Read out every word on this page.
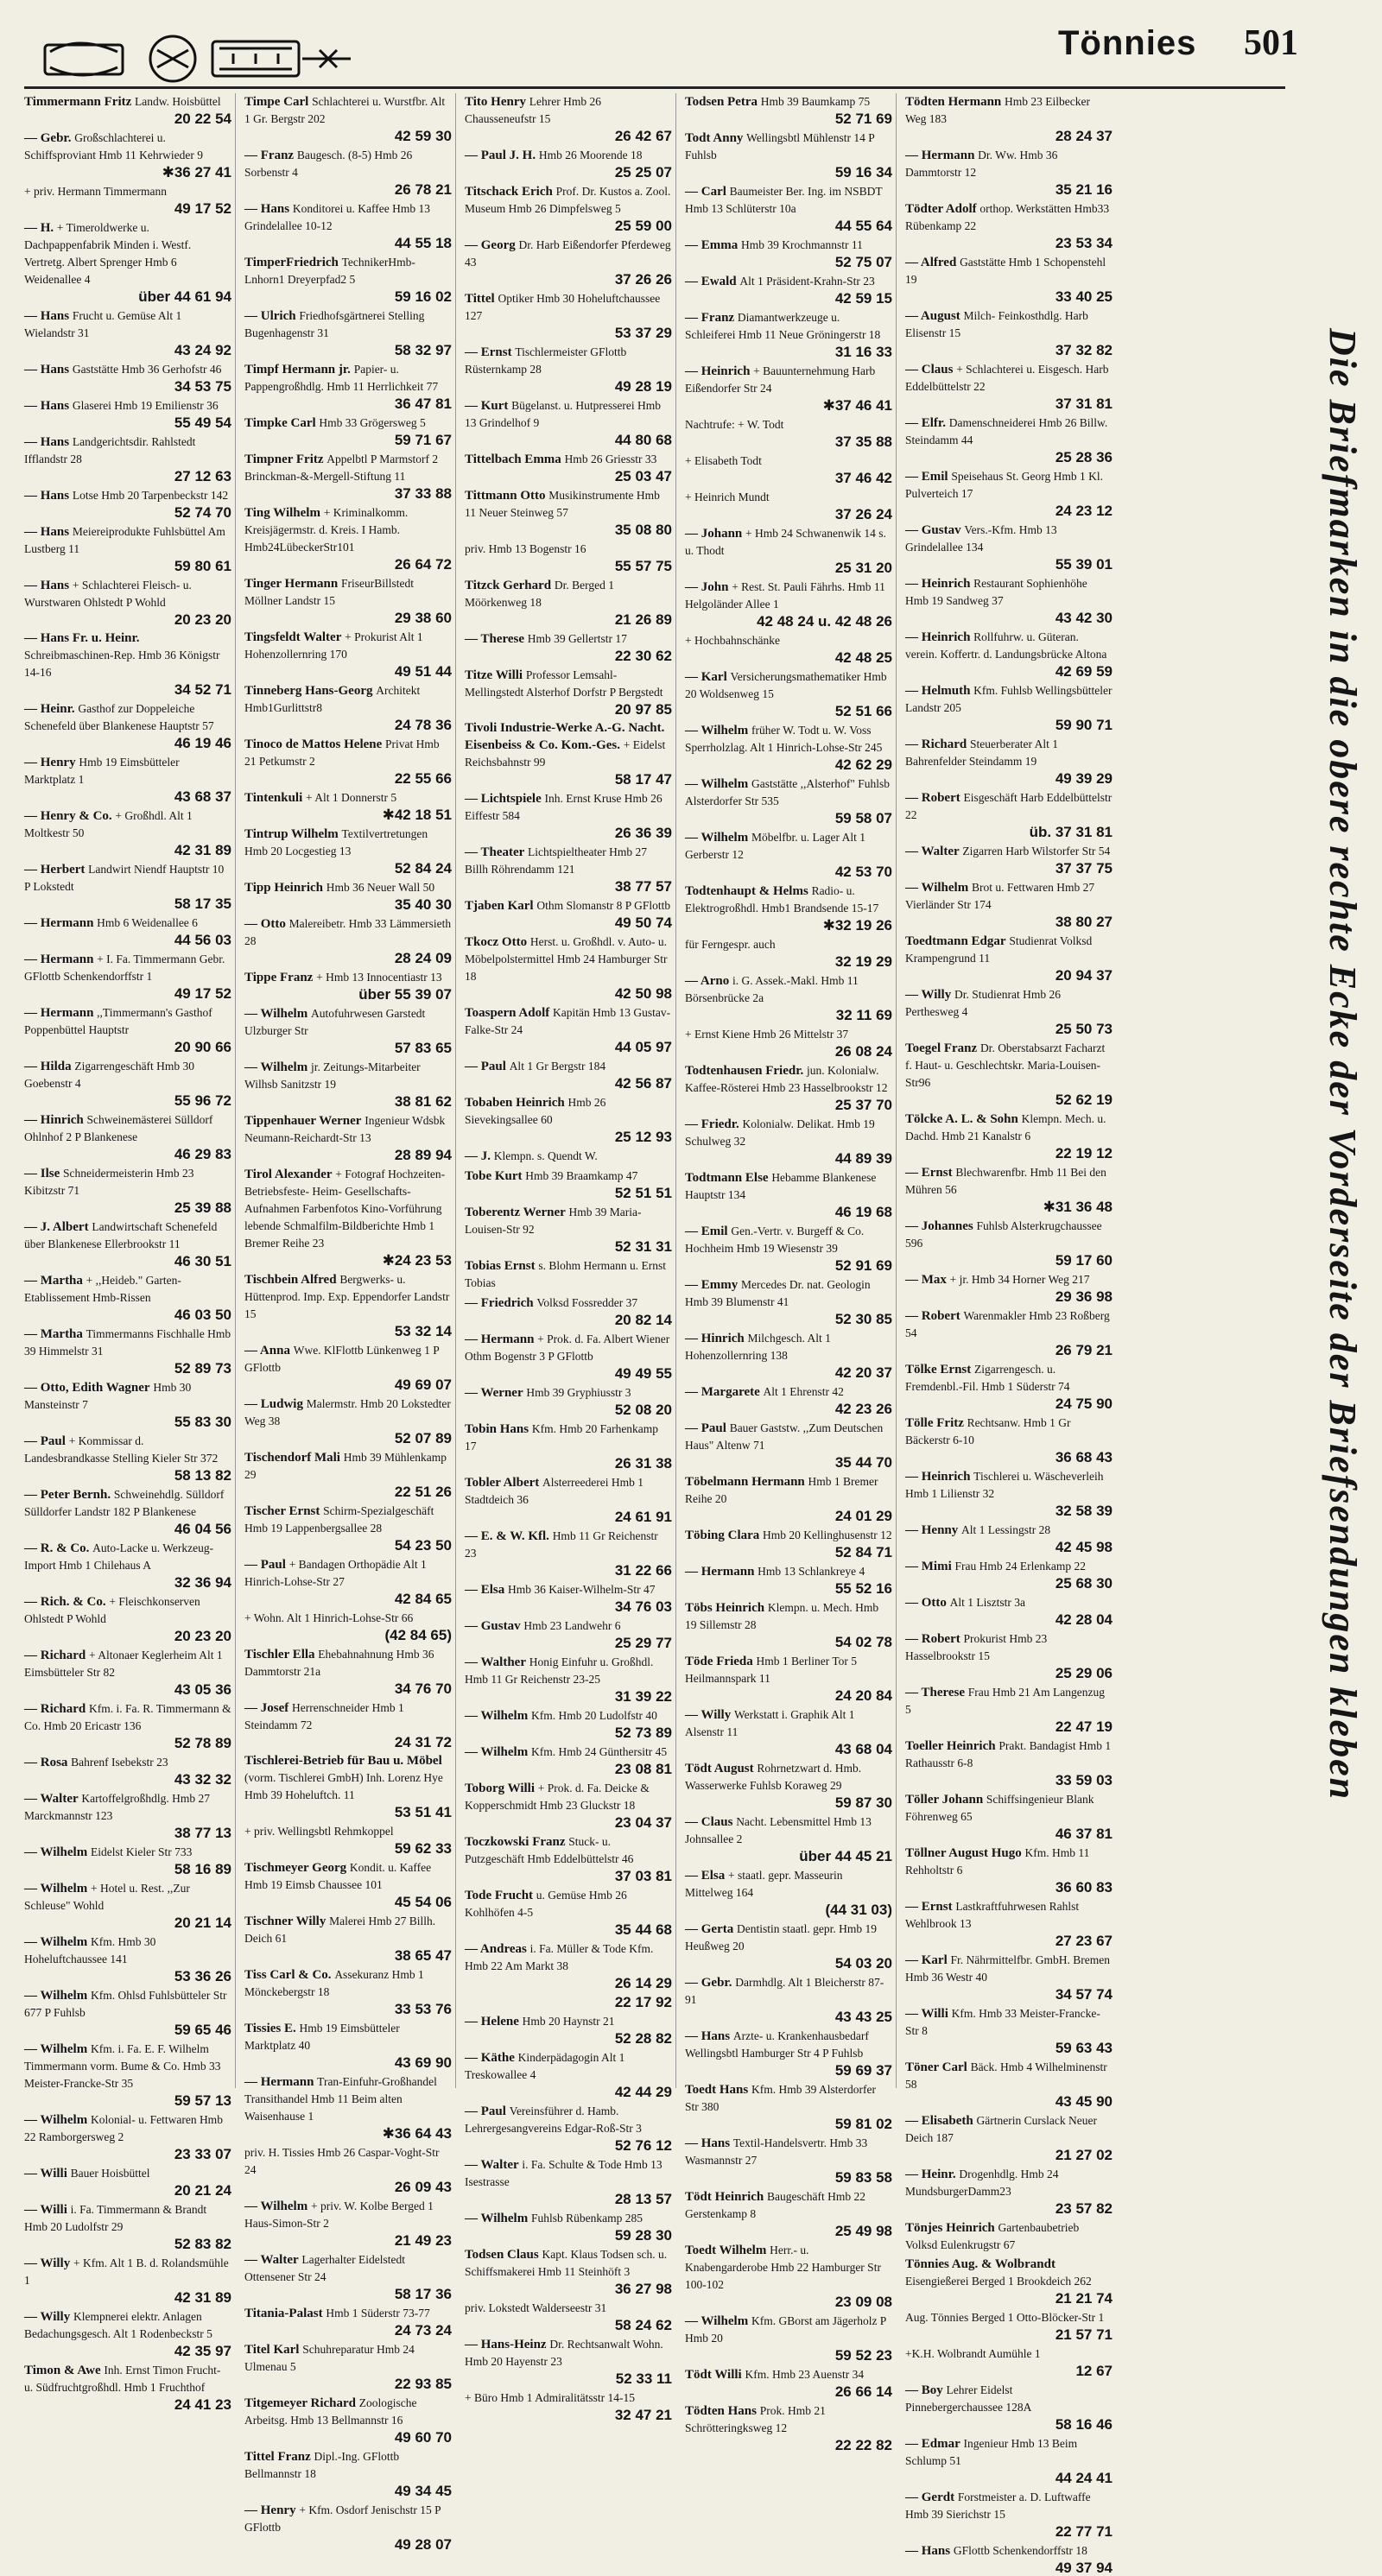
Tönnies 501
Timmermann Fritz Landw. Hoisbüttel
20 22 54
— Gebr. Großschlachterei u. Schiffsproviant Hmb 11 Kehrwieder 9
✱36 27 41
+ priv. Hermann Timmermann
49 17 52
— H. + Timeroldwerke u. Dachpappenfabrik Minden i. Westf. Vertretg. Albert Sprenger Hmb 6 Weidenallee 4
über 44 61 94
— Hans Frucht u. Gemüse Alt 1 Wielandstr 31
43 24 92
— Hans Gaststätte Hmb 36 Gerhofstr 46
34 53 75
— Hans Glaserei Hmb 19 Emilienstr 36
55 49 54
— Hans Landgerichtsdir. Rahlstedt Ifflandstr 28
27 12 63
— Hans Lotse Hmb 20 Tarpenbeckstr 142
52 74 70
— Hans Meiereiprodukte Fuhlsbüttel Am Lustberg 11
59 80 61
— Hans + Schlachterei Fleisch- u. Wurstwaren Ohlstedt P Wohld
20 23 20
— Hans Fr. u. Heinr. Schreibmaschinen-Rep. Hmb 36 Königstr 14-16
34 52 71
— Heinr. Gasthof zur Doppeleiche Schenefeld über Blankenese Hauptstr 57
46 19 46
— Henry Hmb 19 Eimsbütteler Marktplatz 1
43 68 37
— Henry & Co. + Großhdl. Alt 1 Moltkestr 50
42 31 89
— Herbert Landwirt Niendf Hauptstr 10 P Lokstedt
58 17 35
— Hermann Hmb 6 Weidenallee 6
44 56 03
— Hermann + I. Fa. Timmermann Gebr. GFlottb Schenkendorffstr 1
49 17 52
— Hermann ,,Timmermann's Gasthof Poppenbüttel Hauptstr
20 90 66
— Hilda Zigarrengeschäft Hmb 30 Goebenstr 4
55 96 72
— Hinrich Schweinemästerei Sülldorf Ohlnhof 2 P Blankenese
46 29 83
— Ilse Schneidermeisterin Hmb 23 Kibitzstr 71
25 39 88
— J. Albert Landwirtschaft Schenefeld über Blankenese Ellerbrookstr 11
46 30 51
— Martha + ,,Heideb." Garten-Etablissement Hmb-Rissen
46 03 50
— Martha Timmermanns Fischhalle Hmb 39 Himmelstr 31
52 89 73
— Otto, Edith Wagner Hmb 30 Mansteinstr 7
55 83 30
— Paul + Kommissar d. Landesbrandkasse Stelling Kieler Str 372
58 13 82
— Peter Bernh. Schweinehdlg. Sülldorf Sülldorfer Landstr 182 P Blankenese
46 04 56
— R. & Co. Auto-Lacke u. Werkzeug-Import Hmb 1 Chilehaus A
32 36 94
— Rich. & Co. + Fleischkonserven Ohlstedt P Wohld
20 23 20
— Richard + Altonaer Keglerheim Alt 1 Eimsbütteler Str 82
43 05 36
— Richard Kfm. i. Fa. R. Timmermann & Co. Hmb 20 Ericastr 136
52 78 89
— Rosa Bahrenf Isebekstr 23
43 32 32
— Walter Kartoffelgroßhdlg. Hmb 27 Marckmannstr 123
38 77 13
— Wilhelm Eidelst Kieler Str 733
58 16 89
— Wilhelm + Hotel u. Rest. ,,Zur Schleuse" Wohld
20 21 14
— Wilhelm Kfm. Hmb 30 Hoheluftchaussee 141
53 36 26
— Wilhelm Kfm. Ohlsd Fuhlsbütteler Str 677 P Fuhlsb
59 65 46
— Wilhelm Kfm. i. Fa. E. F. Wilhelm Timmermann vorm. Bume & Co. Hmb 33 Meister-Francke-Str 35
59 57 13
— Wilhelm Kolonial- u. Fettwaren Hmb 22 Ramborgersweg 2
23 33 07
— Willi Bauer Hoisbüttel
20 21 24
— Willi i. Fa. Timmermann & Brandt Hmb 20 Ludolfstr 29
52 83 82
— Willy + Kfm. Alt 1 B. d. Rolandsmühle 1
42 31 89
— Willy Klempnerei elektr. Anlagen Bedachungsgesch. Alt 1 Rodenbeckstr 5
42 35 97
Timon & Awe Inh. Ernst Timon Frucht- u. Südfruchtgroßhdl. Hmb 1 Fruchthof
24 41 23
Timpe Carl Schlachterei u. Wurstfbr. Alt 1 Gr. Bergstr 202
42 59 30
— Franz Baugesch. (8-5) Hmb 26 Sorbenstr 4
26 78 21
— Hans Konditorei u. Kaffee Hmb 13 Grindelallee 10-12
44 55 18
TimperFriedrich TechnikerHmb-Lnhorn1 Dreyerpfad2 5
59 16 02
— Ulrich Friedhofsgärtnerei Stelling Bugenhagenstr 31
58 32 97
Timpf Hermann jr. Papier- u. Pappengroßhdlg. Hmb 11 Herrlichkeit 77
36 47 81
Timpke Carl Hmb 33 Grögersweg 5
59 71 67
Timpner Fritz Appelbtl P Marmstorf 2 Brinckman-&-Mergell-Stiftung 11
37 33 88
Ting Wilhelm + Kriminalkomm. Kreisjägermstr. d. Kreis. I Hamb. Hmb24LübeckerStr101
26 64 72
Tinger Hermann FriseurBillstedt Möllner Landstr 15
29 38 60
Tingsfeldt Walter + Prokurist Alt 1 Hohenzollernring 170
49 51 44
Tinneberg Hans-Georg Architekt Hmb1Gurlittstr8
24 78 36
Tinoco de Mattos Helene Privat Hmb 21 Petkumstr 2
22 55 66
Tintenkuli + Alt 1 Donnerstr 5
✱42 18 51
Tintrup Wilhelm Textilvertretungen Hmb 20 Locgestieg 13
52 84 24
Tipp Heinrich Hmb 36 Neuer Wall 50
35 40 30
— Otto Malereibetr. Hmb 33 Lämmersieth 28
28 24 09
Tippe Franz + Hmb 13 Innocentiastr 13
über 55 39 07
— Wilhelm Autofuhrwesen Garstedt Ulzburger Str
57 83 65
— Wilhelm jr. Zeitungs-Mitarbeiter Wilhsb Sanitzstr 19
38 81 62
Tippenhauer Werner Ingenieur Wdsbk Neumann-Reichardt-Str 13
28 89 94
Tirol Alexander + Fotograf Hochzeiten- Betriebsfeste- Heim- Gesellschafts-Aufnahmen Farbenfotos Kino-Vorführung lebende Schmalfilm-Bildberichte Hmb 1 Bremer Reihe 23
✱24 23 53
Tischbein Alfred Bergwerks- u. Hüttenprod. Imp. Exp. Eppendorfer Landstr 15
53 32 14
— Anna Wwe. KlFlottb Lünkenweg 1 P GFlottb
49 69 07
— Ludwig Malermstr. Hmb 20 Lokstedter Weg 38
52 07 89
Tischendorf Mali Hmb 39 Mühlenkamp 29
22 51 26
Tischer Ernst Schirm-Spezialgeschäft Hmb 19 Lappenbergsallee 28
54 23 50
— Paul + Bandagen Orthopädie Alt 1 Hinrich-Lohse-Str 27
42 84 65
+ Wohn. Alt 1 Hinrich-Lohse-Str 66
(42 84 65)
Tischler Ella Ehebahnahnung Hmb 36 Dammtorstr 21a
34 76 70
— Josef Herrenschneider Hmb 1 Steindamm 72
24 31 72
Tischlerei-Betrieb für Bau u. Möbel (vorm. Tischlerei GmbH) Inh. Lorenz Hye Hmb 39 Hoheluftch. 11
53 51 41
+ priv. Wellingsbtl Rehmkoppel
59 62 33
Tischmeyer Georg Kondit. u. Kaffee Hmb 19 Eimsb Chaussee 101
45 54 06
Tischner Willy Malerei Hmb 27 Billh. Deich 61
38 65 47
Tiss Carl & Co. Assekuranz Hmb 1 Mönckebergstr 18
33 53 76
Tissies E. Hmb 19 Eimsbütteler Marktplatz 40
43 69 90
— Hermann Tran-Einfuhr-Großhandel Transithandel Hmb 11 Beim alten Waisenhause 1
✱36 64 43
priv. H. Tissies Hmb 26 Caspar-Voght-Str 24
26 09 43
— Wilhelm + priv. W. Kolbe Berged 1 Haus-Simon-Str 2
21 49 23
— Walter Lagerhalter Eidelstedt Ottensener Str 24
58 17 36
Titania-Palast Hmb 1 Süderstr 73-77
24 73 24
Titel Karl Schuhreparatur Hmb 24 Ulmenau 5
22 93 85
Titgemeyer Richard Zoologische Arbeitsg. Hmb 13 Bellmannstr 16
49 60 70
Tittel Franz Dipl.-Ing. GFlottb Bellmannstr 18
49 34 45
— Henry + Kfm. Osdorf Jenischstr 15 P GFlottb
49 28 07
Tito Henry Lehrer Hmb 26 Chausseneufstr 15
26 42 67
— Paul J. H. Hmb 26 Moorende 18
25 25 07
Titschack Erich Prof. Dr. Kustos a. Zool. Museum Hmb 26 Dimpfelsweg 5
25 59 00
— Georg Dr. Harb Eißendorfer Pferdeweg 43
37 26 26
Tittel Optiker Hmb 30 Hoheluftchaussee 127
53 37 29
— Ernst Tischlermeister GFlottb Rüsternkamp 28
49 28 19
— Kurt Bügelanst. u. Hutpresserei Hmb 13 Grindelhof 9
44 80 68
Tittelbach Emma Hmb 26 Griesstr 33
25 03 47
Tittmann Otto Musikinstrumente Hmb 11 Neuer Steinweg 57
35 08 80
priv. Hmb 13 Bogenstr 16
55 57 75
Titzck Gerhard Dr. Berged 1 Möörkenweg 18
21 26 89
— Therese Hmb 39 Gellertstr 17
22 30 62
Titze Willi Professor Lemsahl-Mellingstedt Alsterhof Dorfstr P Bergstedt
20 97 85
Tivoli Industrie-Werke A.-G. Nacht. Eisenbeiss & Co. Kom.-Ges. + Eidelst Reichsbahnstr 99
58 17 47
— Lichtspiele Inh. Ernst Kruse Hmb 26 Eiffestr 584
26 36 39
— Theater Lichtspieltheater Hmb 27 Billh Röhrendamm 121
38 77 57
Tjaben Karl Othm Slomanstr 8 P GFlottb
49 50 74
Tkocz Otto Herst. u. Großhdl. v. Auto- u. Möbelpolstermittel Hmb 24 Hamburger Str 18
42 50 98
Toaspern Adolf Kapitän Hmb 13 Gustav-Falke-Str 24
44 05 97
— Paul Alt 1 Gr Bergstr 184
42 56 87
Tobaben Heinrich Hmb 26 Sievekingsallee 60
25 12 93
— J. Klempn. s. Quendt W.
Tobe Kurt Hmb 39 Braamkamp 47
52 51 51
Toberentz Werner Hmb 39 Maria-Louisen-Str 92
52 31 31
Tobias Ernst s. Blohm Hermann u. Ernst Tobias
— Friedrich Volksd Fossredder 37
20 82 14
— Hermann + Prok. d. Fa. Albert Wiener Othm Bogenstr 3 P GFlottb
49 49 55
— Werner Hmb 39 Gryphiusstr 3
52 08 20
Tobin Hans Kfm. Hmb 20 Farhenkamp 17
26 31 38
Tobler Albert Alsterreederei Hmb 1 Stadtdeich 36
24 61 91
— E. & W. Kfl. Hmb 11 Gr Reichenstr 23
31 22 66
— Elsa Hmb 36 Kaiser-Wilhelm-Str 47
34 76 03
— Gustav Hmb 23 Landwehr 6
25 29 77
— Walther Honig Einfuhr u. Großhdl. Hmb 11 Gr Reichenstr 23-25
31 39 22
— Wilhelm Kfm. Hmb 20 Ludolfstr 40
52 73 89
— Wilhelm Kfm. Hmb 24 Günthersitr 45
23 08 81
Toborg Willi + Prok. d. Fa. Deicke & Kopperschmidt Hmb 23 Gluckstr 18
23 04 37
Toczkowski Franz Stuck- u. Putzgeschäft Hmb Eddelbüttelstr 46
37 03 81
Tode Frucht u. Gemüse Hmb 26 Kohlhöfen 4-5
35 44 68
— Andreas i. Fa. Müller & Tode Kfm. Hmb 22 Am Markt 38
26 14 29
22 17 92
— Helene Hmb 20 Haynstr 21
52 28 82
— Käthe Kinderpädagogin Alt 1 Treskowallee 4
42 44 29
— Paul Vereinsführer d. Hamb. Lehrergesangvereins Edgar-Roß-Str 3
52 76 12
— Walter i. Fa. Schulte & Tode Hmb 13 Isestrasse
28 13 57
— Wilhelm Fuhlsb Rübenkamp 285
59 28 30
Todsen Claus Kapt. Klaus Todsen sch. u. Schiffsmakerei Hmb 11 Steinhöft 3
36 27 98
priv. Lokstedt Walderseestr 31
58 24 62
— Hans-Heinz Dr. Rechtsanwalt Wohn. Hmb 20 Hayenstr 23
52 33 11
+ Büro Hmb 1 Admiralitätsstr 14-15
32 47 21
Todsen Petra Hmb 39 Baumkamp 75
52 71 69
Todt Anny Wellingsbtl Mühlenstr 14 P Fuhlsb
59 16 34
— Carl Baumeister Ber. Ing. im NSBDT Hmb 13 Schlüterstr 10a
44 55 64
— Emma Hmb 39 Krochmannstr 11
52 75 07
— Ewald Alt 1 Präsident-Krahn-Str 23
42 59 15
— Franz Diamantwerkzeuge u. Schleiferei Hmb 11 Neue Gröningerstr 18
31 16 33
— Heinrich + Bauunternehmung Harb Eißendorfer Str 24
✱37 46 41
Nachtrufe: + W. Todt
37 35 88
+ Elisabeth Todt
37 46 42
+ Heinrich Mundt
37 26 24
— Johann + Hmb 24 Schwanenwik 14 s. u. Thodt
25 31 20
— John + Rest. St. Pauli Fährhs. Hmb 11 Helgoländer Allee 1
42 48 24 u. 42 48 26
+ Hochbahnschänke
42 48 25
— Karl Versicherungsmathematiker Hmb 20 Woldsenweg 15
52 51 66
— Wilhelm früher W. Todt u. W. Voss Sperrholzlag. Alt 1 Hinrich-Lohse-Str 245
42 62 29
— Wilhelm Gaststätte ,,Alsterhof" Fuhlsb Alsterdorfer Str 535
59 58 07
— Wilhelm Möbelfbr. u. Lager Alt 1 Gerberstr 12
42 53 70
Todtenhaupt & Helms Radio- u. Elektrogroßhdl. Hmb1 Brandsende 15-17
✱32 19 26
für Ferngespr. auch
32 19 29
— Arno i. G. Assek.-Makl. Hmb 11 Börsenbrücke 2a
32 11 69
+ Ernst Kiene Hmb 26 Mittelstr 37
26 08 24
Todtenhausen Friedr. jun. Kolonialw. Kaffee-Rösterei Hmb 23 Hasselbrookstr 12
25 37 70
— Friedr. Kolonialw. Delikat. Hmb 19 Schulweg 32
44 89 39
Todtmann Else Hebamme Blankenese Hauptstr 134
46 19 68
— Emil Gen.-Vertr. v. Burgeff & Co. Hochheim Hmb 19 Wiesenstr 39
52 91 69
— Emmy Mercedes Dr. nat. Geologin Hmb 39 Blumenstr 41
52 30 85
— Hinrich Milchgesch. Alt 1 Hohenzollernring 138
42 20 37
— Margarete Alt 1 Ehrenstr 42
42 23 26
— Paul Bauer Gaststw. ,,Zum Deutschen Haus" Altenw 71
35 44 70
Töbelmann Hermann Hmb 1 Bremer Reihe 20
24 01 29
Töbing Clara Hmb 20 Kellinghusenstr 12
52 84 71
— Hermann Hmb 13 Schlankreye 4
55 52 16
Töbs Heinrich Klempn. u. Mech. Hmb 19 Sillemstr 28
54 02 78
Töde Frieda Hmb 1 Berliner Tor 5 Heilmannspark 11
24 20 84
— Willy Werkstatt i. Graphik Alt 1 Alsenstr 11
43 68 04
Tödt August Rohrnetzwart d. Hmb. Wasserwerke Fuhlsb Koraweg 29
59 87 30
— Claus Nacht. Lebensmittel Hmb 13 Johnsallee 2
über 44 45 21
— Elsa + staatl. gepr. Masseurin Mittelweg 164
(44 31 03)
— Gerta Dentistin staatl. gepr. Hmb 19 Heußweg 20
54 03 20
— Gebr. Darmhdlg. Alt 1 Bleicherstr 87-91
43 43 25
— Hans Arzte- u. Krankenhausbedarf Wellingsbtl Hamburger Str 4 P Fuhlsb
59 69 37
Toedt Hans Kfm. Hmb 39 Alsterdorfer Str 380
59 81 02
— Hans Textil-Handelsvertr. Hmb 33 Wasmannstr 27
59 83 58
Tödt Heinrich Baugeschäft Hmb 22 Gerstenkamp 8
25 49 98
Toedt Wilhelm Herr.- u. Knabengarderobe Hmb 22 Hamburger Str 100-102
23 09 08
— Wilhelm Kfm. GBorst am Jägerholz P Hmb 20
59 52 23
Tödt Willi Kfm. Hmb 23 Auenstr 34
26 66 14
Tödten Hans Prok. Hmb 21 Schrötteringksweg 12
22 22 82
Tödten Hermann Hmb 23 Eilbecker Weg 183
28 24 37
— Hermann Dr. Ww. Hmb 36 Dammtorstr 12
35 21 16
Tödter Adolf orthop. Werkstätten Hmb33 Rübenkamp 22
23 53 34
— Alfred Gaststätte Hmb 1 Schopenstehl 19
33 40 25
— August Milch- Feinkosthdlg. Harb Elisenstr 15
37 32 82
— Claus + Schlachterei u. Eisgesch. Harb Eddelbüttelstr 22
37 31 81
— Elfr. Damenschneiderei Hmb 26 Billw. Steindamm 44
25 28 36
— Emil Speisehaus St. Georg Hmb 1 Kl. Pulverteich 17
24 23 12
— Gustav Vers.-Kfm. Hmb 13 Grindelallee 134
55 39 01
— Heinrich Restaurant Sophienhöhe Hmb 19 Sandweg 37
43 42 30
— Heinrich Rollfuhrw. u. Güteran. verein. Koffertr. d. Landungsbrücke Altona
42 69 59
— Helmuth Kfm. Fuhlsb Wellingsbütteler Landstr 205
59 90 71
— Richard Steuerberater Alt 1 Bahrenfelder Steindamm 19
49 39 29
— Robert Eisgeschäft Harb Eddelbüttelstr 22
üb. 37 31 81
— Walter Zigarren Harb Wilstorfer Str 54
37 37 75
— Wilhelm Brot u. Fettwaren Hmb 27 Vierländer Str 174
38 80 27
Toedtmann Edgar Studienrat Volksd Krampengrund 11
20 94 37
— Willy Dr. Studienrat Hmb 26 Perthesweg 4
25 50 73
Toegel Franz Dr. Oberstabsarzt Facharzt f. Haut- u. Geschlechtskr. Maria-Louisen-Str96
52 62 19
Tölcke A. L. & Sohn Klempn. Mech. u. Dachd. Hmb 21 Kanalstr 6
22 19 12
— Ernst Blechwarenfbr. Hmb 11 Bei den Mühren 56
✱31 36 48
— Johannes Fuhlsb Alsterkrugchaussee 596
59 17 60
— Max + jr. Hmb 34 Horner Weg 217
29 36 98
— Robert Warenmakler Hmb 23 Roßberg 54
26 79 21
Tölke Ernst Zigarrengesch. u. Fremdenbl.-Fil. Hmb 1 Süderstr 74
24 75 90
Tölle Fritz Rechtsanw. Hmb 1 Gr Bäckerstr 6-10
36 68 43
— Heinrich Tischlerei u. Wäscheverleih Hmb 1 Lilienstr 32
32 58 39
— Henny Alt 1 Lessingstr 28
42 45 98
— Mimi Frau Hmb 24 Erlenkamp 22
25 68 30
— Otto Alt 1 Lisztstr 3a
42 28 04
— Robert Prokurist Hmb 23 Hasselbrookstr 15
25 29 06
— Therese Frau Hmb 21 Am Langenzug 5
22 47 19
Toeller Heinrich Prakt. Bandagist Hmb 1 Rathausstr 6-8
33 59 03
Töller Johann Schiffsingenieur Blank Föhrenweg 65
46 37 81
Töllner August Hugo Kfm. Hmb 11 Rehholtstr 6
36 60 83
— Ernst Lastkraftfuhrwesen Rahlst Wehlbrook 13
27 23 67
— Karl Fr. Nährmittelfbr. GmbH. Bremen Hmb 36 Westr 40
34 57 74
— Willi Kfm. Hmb 33 Meister-Francke-Str 8
59 63 43
Töner Carl Bäck. Hmb 4 Wilhelminenstr 58
43 45 90
— Elisabeth Gärtnerin Curslack Neuer Deich 187
21 27 02
— Heinr. Drogenhdlg. Hmb 24 MundsburgerDamm23
23 57 82
Tönjes Heinrich Gartenbaubetrieb Volksd Eulenkrugstr 67
Tönnies Aug. & Wolbrandt Eisengießerei Berged 1 Brookdeich 262
21 21 74
Aug. Tönnies Berged 1 Otto-Blöcker-Str 1
21 57 71
+K.H. Wolbrandt Aumühle 1
12 67
— Boy Lehrer Eidelst Pinnebergerchaussee 128A
58 16 46
— Edmar Ingenieur Hmb 13 Beim Schlump 51
44 24 41
— Gerdt Forstmeister a. D. Luftwaffe Hmb 39 Sierichstr 15
22 77 71
— Hans GFlottb Schenkendorffstr 18
49 37 94
Die Briefmarken in die obere rechte Ecke der Vorderseite der Briefsendungen kleben
